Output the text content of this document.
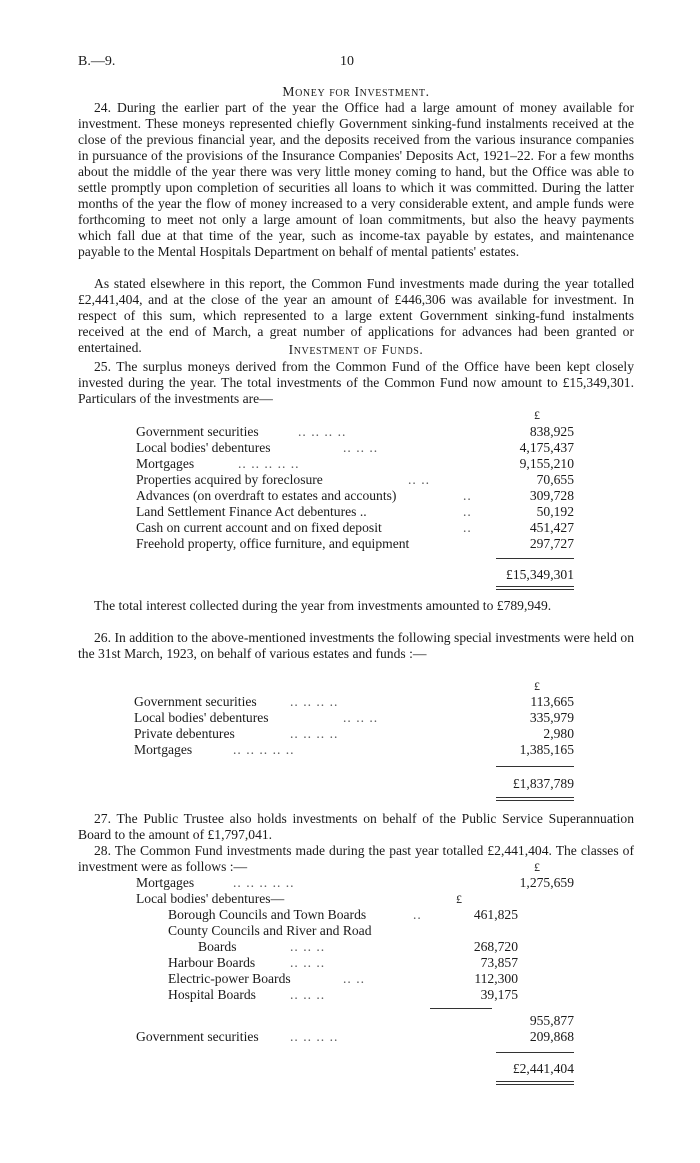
B.—9.	10
Money for Investment.
24. During the earlier part of the year the Office had a large amount of money available for investment. These moneys represented chiefly Government sinking-fund instalments received at the close of the previous financial year, and the deposits received from the various insurance companies in pursuance of the provisions of the Insurance Companies' Deposits Act, 1921–22. For a few months about the middle of the year there was very little money coming to hand, but the Office was able to settle promptly upon completion of securities all loans to which it was committed. During the latter months of the year the flow of money increased to a very considerable extent, and ample funds were forthcoming to meet not only a large amount of loan commitments, but also the heavy payments which fall due at that time of the year, such as income-tax payable by estates, and maintenance payable to the Mental Hospitals Department on behalf of mental patients' estates.
As stated elsewhere in this report, the Common Fund investments made during the year totalled £2,441,404, and at the close of the year an amount of £446,306 was available for investment. In respect of this sum, which represented to a large extent Government sinking-fund instalments received at the end of March, a great number of applications for advances had been granted or entertained.	Investment of Funds.
25. The surplus moneys derived from the Common Fund of the Office have been kept closely invested during the year. The total investments of the Common Fund now amount to £15,349,301. Particulars of the investments are—
£
Government securities	.. .. .. ..	838,925
Local bodies' debentures	.. .. ..	4,175,437
Mortgages	.. .. .. .. ..	9,155,210
Properties acquired by foreclosure	.. ..	70,655
Advances (on overdraft to estates and accounts)	..	309,728
Land Settlement Finance Act debentures ..	..	50,192
Cash on current account and on fixed deposit	..	451,427
Freehold property, office furniture, and equipment	297,727
£15,349,301
The total interest collected during the year from investments amounted to £789,949.
26. In addition to the above-mentioned investments the following special investments were held on the 31st March, 1923, on behalf of various estates and funds :—
£
Government securities .. .. .. ..	113,665
Local bodies' debentures	.. .. ..	335,979
Private debentures	.. .. .. ..	2,980
Mortgages	.. .. .. .. ..	1,385,165
£1,837,789
27. The Public Trustee also holds investments on behalf of the Public Service Superannuation Board to the amount of £1,797,041.
28. The Common Fund investments made during the past year totalled £2,441,404. The classes of investment were as follows :—	£
Mortgages	.. .. .. .. ..	1,275,659
Local bodies' debentures—	£
Borough Councils and Town Boards	..	461,825
County Councils and River and Road
Boards	.. .. ..	268,720
Harbour Boards	.. .. ..	73,857
Electric-power Boards	.. ..	112,300
Hospital Boards	.. .. ..	39,175
955,877
Government securities .. .. .. ..	209,868
£2,441,404
